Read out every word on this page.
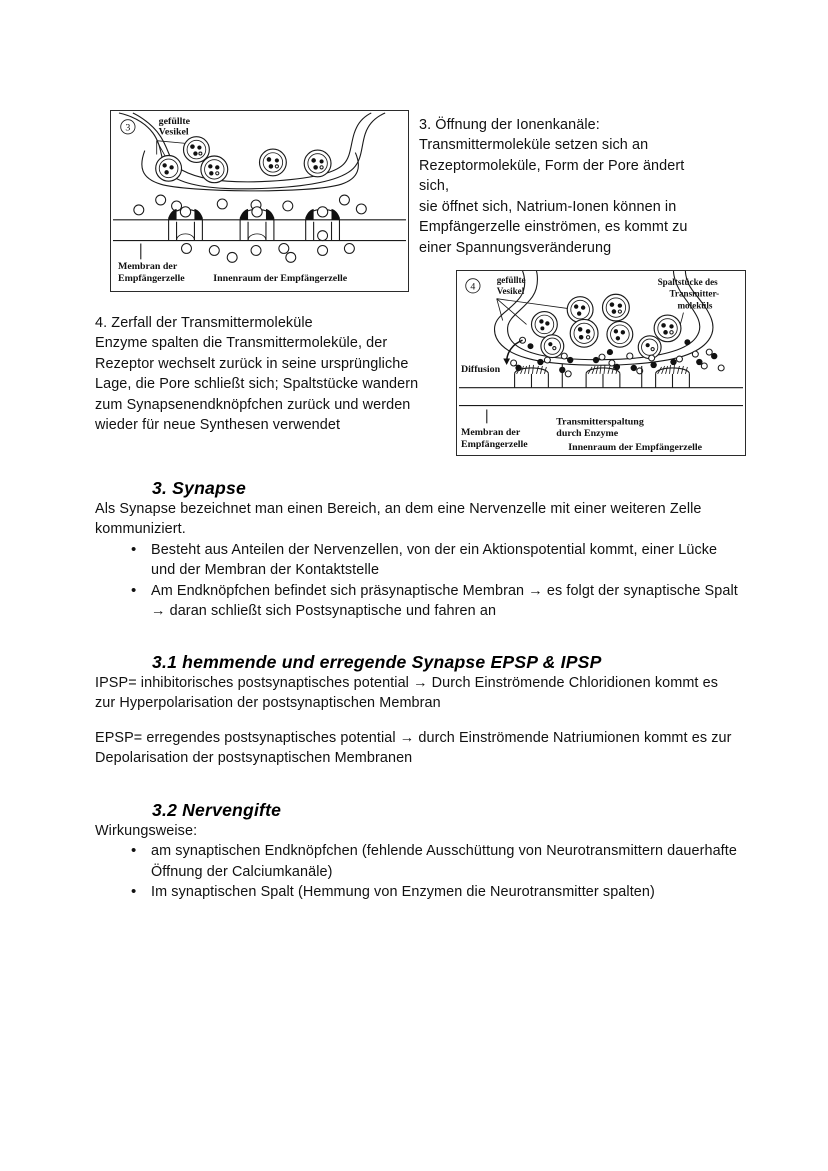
3
gefüllte
Vesikel
Membran der
Empfängerzelle	Innenraum der Empfängerzelle
3. Öffnung der Ionenkanäle:
Transmittermoleküle setzen sich an
Rezeptormoleküle, Form der Pore ändert
sich,
sie öffnet sich, Natrium-Ionen können in
Empfängerzelle einströmen, es kommt zu
einer Spannungsveränderung
4. Zerfall der Transmittermoleküle
Enzyme spalten die Transmittermoleküle, der
Rezeptor wechselt zurück in seine ursprüngliche
Lage, die Pore schließt sich; Spaltstücke wandern
zum Synapsenendknöpfchen zurück und werden
wieder für neue Synthesen verwendet
4
gefüllte
Vesikel
Spaltstücke des
Transmitter-
moleküls
Diffusion
Membran der
Empfängerzelle
Transmitterspaltung
durch Enzyme
Innenraum der Empfängerzelle
3. Synapse
Als Synapse bezeichnet man einen Bereich, an dem eine Nervenzelle mit einer weiteren Zelle kommuniziert.
• Besteht aus Anteilen der Nervenzellen, von der ein Aktionspotential kommt, einer Lücke und der Membran der Kontaktstelle
• Am Endknöpfchen befindet sich präsynaptische Membran → es folgt der synaptische Spalt → daran schließt sich Postsynaptische und fahren an
3.1 hemmende und erregende Synapse EPSP & IPSP
IPSP= inhibitorisches postsynaptisches potential → Durch Einströmende Chloridionen kommt es zur Hyperpolarisation der postsynaptischen Membran
EPSP= erregendes postsynaptisches potential → durch Einströmende Natriumionen kommt es zur Depolarisation der postsynaptischen Membranen
3.2 Nervengifte
Wirkungsweise:
• am synaptischen Endknöpfchen (fehlende Ausschüttung von Neurotransmittern dauerhafte Öffnung der Calciumkanäle)
• Im synaptischen Spalt (Hemmung von Enzymen die Neurotransmitter spalten)
